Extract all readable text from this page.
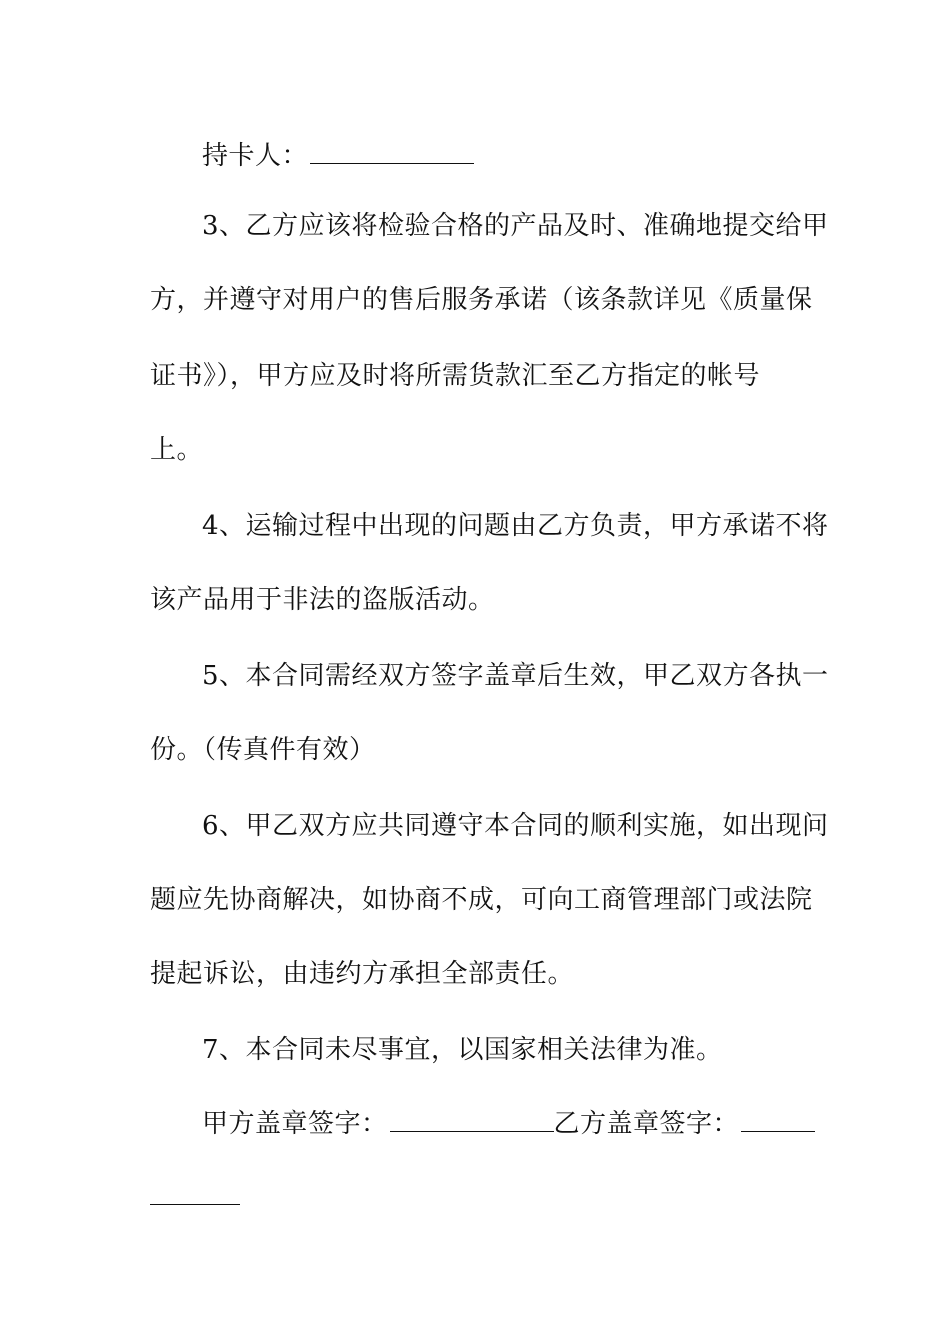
持卡人：
3、乙方应该将检验合格的产品及时、准确地提交给甲
方，并遵守对用户的售后服务承诺（该条款详见《质量保
证书》），甲方应及时将所需货款汇至乙方指定的帐号
上。
4、运输过程中出现的问题由乙方负责，甲方承诺不将
该产品用于非法的盗版活动。
5、本合同需经双方签字盖章后生效，甲乙双方各执一
份。（传真件有效）
6、甲乙双方应共同遵守本合同的顺利实施，如出现问
题应先协商解决，如协商不成，可向工商管理部门或法院
提起诉讼，由违约方承担全部责任。
7、本合同未尽事宜，以国家相关法律为准。
甲方盖章签字：	乙方盖章签字：
